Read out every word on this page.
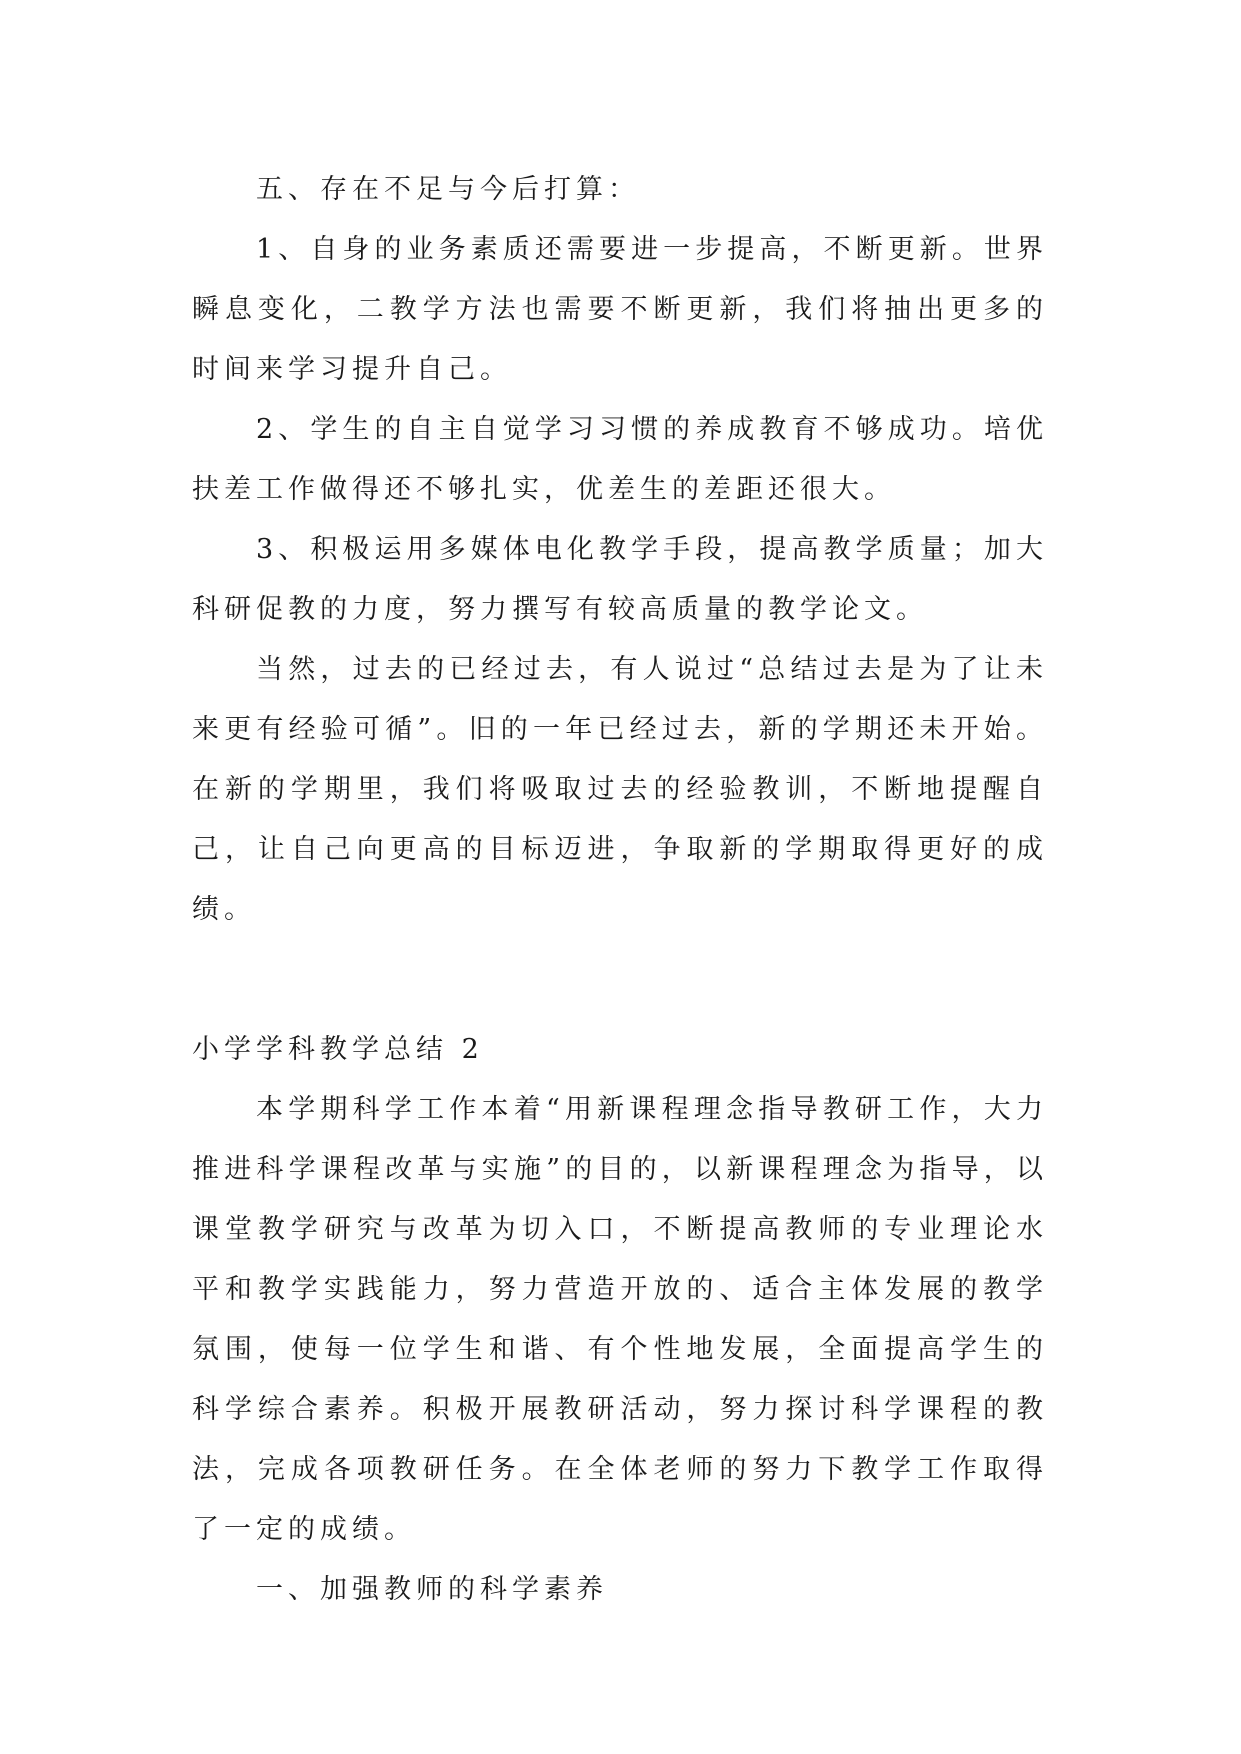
五、存在不足与今后打算：

1、自身的业务素质还需要进一步提高，不断更新。世界瞬息变化，二教学方法也需要不断更新，我们将抽出更多的时间来学习提升自己。

2、学生的自主自觉学习习惯的养成教育不够成功。培优扶差工作做得还不够扎实，优差生的差距还很大。

3、积极运用多媒体电化教学手段，提高教学质量；加大科研促教的力度，努力撰写有较高质量的教学论文。

当然，过去的已经过去，有人说过“总结过去是为了让未来更有经验可循”。旧的一年已经过去，新的学期还未开始。在新的学期里，我们将吸取过去的经验教训，不断地提醒自己，让自己向更高的目标迈进，争取新的学期取得更好的成绩。

小学学科教学总结 2

本学期科学工作本着“用新课程理念指导教研工作，大力推进科学课程改革与实施”的目的，以新课程理念为指导，以课堂教学研究与改革为切入口，不断提高教师的专业理论水平和教学实践能力，努力营造开放的、适合主体发展的教学氛围，使每一位学生和谐、有个性地发展，全面提高学生的科学综合素养。积极开展教研活动，努力探讨科学课程的教法，完成各项教研任务。在全体老师的努力下教学工作取得了一定的成绩。

一、加强教师的科学素养
